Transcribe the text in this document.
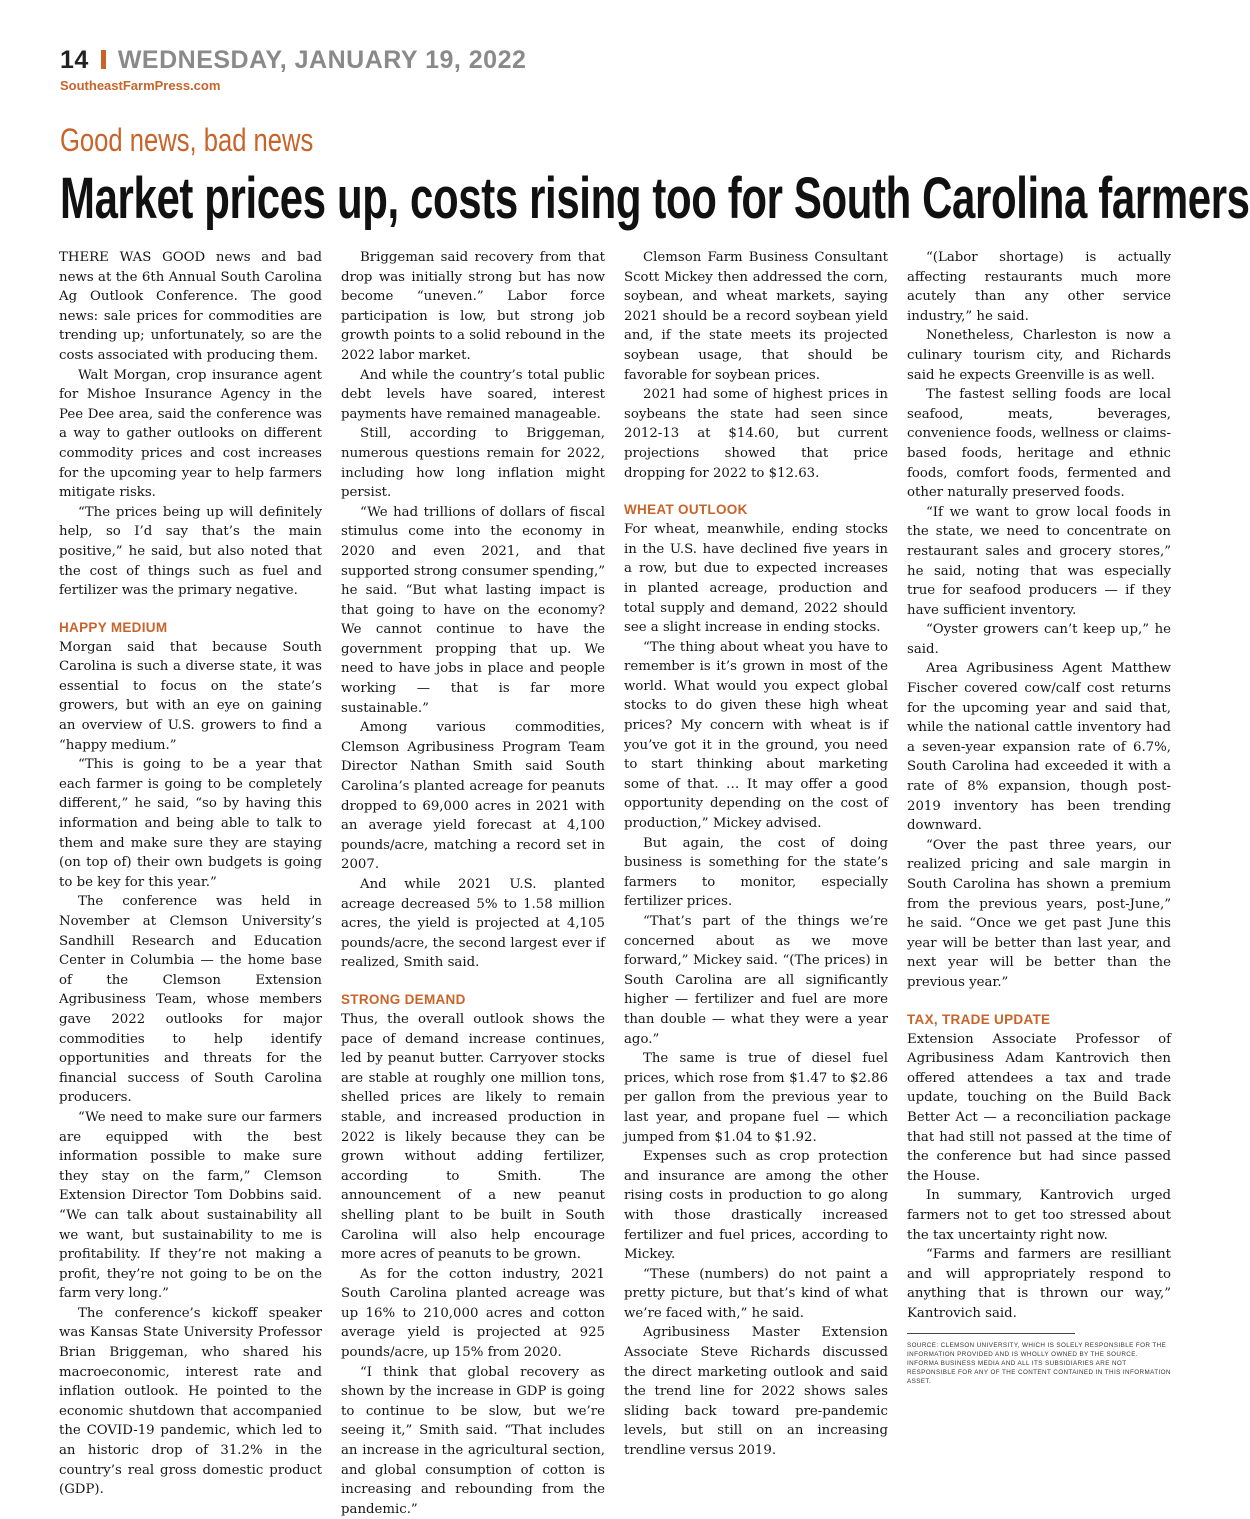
14 WEDNESDAY, JANUARY 19, 2022
SoutheastFarmPress.com
Good news, bad news
Market prices up, costs rising too for South Carolina farmers

THERE WAS GOOD news and bad news at the 6th Annual South Carolina Ag Outlook Conference. The good news: sale prices for commodities are trending up; unfortunately, so are the costs associated with producing them.

Walt Morgan, crop insurance agent for Mishoe Insurance Agency in the Pee Dee area, said the conference was a way to gather outlooks on different commodity prices and cost increases for the upcoming year to help farmers mitigate risks.

“The prices being up will definitely help, so I’d say that’s the main positive,” he said, but also noted that the cost of things such as fuel and fertilizer was the primary negative.

HAPPY MEDIUM

Morgan said that because South Carolina is such a diverse state, it was essential to focus on the state’s growers, but with an eye on gaining an overview of U.S. growers to find a “happy medium.”

“This is going to be a year that each farmer is going to be completely different,” he said, “so by having this information and being able to talk to them and make sure they are staying (on top of) their own budgets is going to be key for this year.”

The conference was held in November at Clemson University’s Sandhill Research and Education Center in Columbia — the home base of the Clemson Extension Agribusiness Team, whose members gave 2022 outlooks for major commodities to help identify opportunities and threats for the financial success of South Carolina producers.

“We need to make sure our farmers are equipped with the best information possible to make sure they stay on the farm,” Clemson Extension Director Tom Dobbins said. “We can talk about sustainability all we want, but sustainability to me is profitability. If they’re not making a profit, they’re not going to be on the farm very long.”

The conference’s kickoff speaker was Kansas State University Professor Brian Briggeman, who shared his macroeconomic, interest rate and inflation outlook. He pointed to the economic shutdown that accompanied the COVID-19 pandemic, which led to an historic drop of 31.2% in the country’s real gross domestic product (GDP).

Briggeman said recovery from that drop was initially strong but has now become “uneven.” Labor force participation is low, but strong job growth points to a solid rebound in the 2022 labor market.

And while the country’s total public debt levels have soared, interest payments have remained manageable.

Still, according to Briggeman, numerous questions remain for 2022, including how long inflation might persist.

“We had trillions of dollars of fiscal stimulus come into the economy in 2020 and even 2021, and that supported strong consumer spending,” he said. “But what lasting impact is that going to have on the economy? We cannot continue to have the government propping that up. We need to have jobs in place and people working — that is far more sustainable.”

Among various commodities, Clemson Agribusiness Program Team Director Nathan Smith said South Carolina’s planted acreage for peanuts dropped to 69,000 acres in 2021 with an average yield forecast at 4,100 pounds/acre, matching a record set in 2007.

And while 2021 U.S. planted acreage decreased 5% to 1.58 million acres, the yield is projected at 4,105 pounds/acre, the second largest ever if realized, Smith said.

STRONG DEMAND

Thus, the overall outlook shows the pace of demand increase continues, led by peanut butter. Carryover stocks are stable at roughly one million tons, shelled prices are likely to remain stable, and increased production in 2022 is likely because they can be grown without adding fertilizer, according to Smith. The announcement of a new peanut shelling plant to be built in South Carolina will also help encourage more acres of peanuts to be grown.

As for the cotton industry, 2021 South Carolina planted acreage was up 16% to 210,000 acres and cotton average yield is projected at 925 pounds/acre, up 15% from 2020.

“I think that global recovery as shown by the increase in GDP is going to continue to be slow, but we’re seeing it,” Smith said. “That includes an increase in the agricultural section, and global consumption of cotton is increasing and rebounding from the pandemic.”

Clemson Farm Business Consultant Scott Mickey then addressed the corn, soybean, and wheat markets, saying 2021 should be a record soybean yield and, if the state meets its projected soybean usage, that should be favorable for soybean prices.

2021 had some of highest prices in soybeans the state had seen since 2012-13 at $14.60, but current projections showed that price dropping for 2022 to $12.63.

WHEAT OUTLOOK

For wheat, meanwhile, ending stocks in the U.S. have declined five years in a row, but due to expected increases in planted acreage, production and total supply and demand, 2022 should see a slight increase in ending stocks.

“The thing about wheat you have to remember is it’s grown in most of the world. What would you expect global stocks to do given these high wheat prices? My concern with wheat is if you’ve got it in the ground, you need to start thinking about marketing some of that. … It may offer a good opportunity depending on the cost of production,” Mickey advised.

But again, the cost of doing business is something for the state’s farmers to monitor, especially fertilizer prices.

“That’s part of the things we’re concerned about as we move forward,” Mickey said. “(The prices) in South Carolina are all significantly higher — fertilizer and fuel are more than double — what they were a year ago.”

The same is true of diesel fuel prices, which rose from $1.47 to $2.86 per gallon from the previous year to last year, and propane fuel — which jumped from $1.04 to $1.92.

Expenses such as crop protection and insurance are among the other rising costs in production to go along with those drastically increased fertilizer and fuel prices, according to Mickey.

“These (numbers) do not paint a pretty picture, but that’s kind of what we’re faced with,” he said.

Agribusiness Master Extension Associate Steve Richards discussed the direct marketing outlook and said the trend line for 2022 shows sales sliding back toward pre-pandemic levels, but still on an increasing trendline versus 2019.

“(Labor shortage) is actually affecting restaurants much more acutely than any other service industry,” he said.

Nonetheless, Charleston is now a culinary tourism city, and Richards said he expects Greenville is as well.

The fastest selling foods are local seafood, meats, beverages, convenience foods, wellness or claims-based foods, heritage and ethnic foods, comfort foods, fermented and other naturally preserved foods.

“If we want to grow local foods in the state, we need to concentrate on restaurant sales and grocery stores,” he said, noting that was especially true for seafood producers — if they have sufficient inventory.

“Oyster growers can’t keep up,” he said.

Area Agribusiness Agent Matthew Fischer covered cow/calf cost returns for the upcoming year and said that, while the national cattle inventory had a seven-year expansion rate of 6.7%, South Carolina had exceeded it with a rate of 8% expansion, though post-2019 inventory has been trending downward.

“Over the past three years, our realized pricing and sale margin in South Carolina has shown a premium from the previous years, post-June,” he said. “Once we get past June this year will be better than last year, and next year will be better than the previous year.”

TAX, TRADE UPDATE

Extension Associate Professor of Agribusiness Adam Kantrovich then offered attendees a tax and trade update, touching on the Build Back Better Act — a reconciliation package that had still not passed at the time of the conference but had since passed the House.

In summary, Kantrovich urged farmers not to get too stressed about the tax uncertainty right now.

“Farms and farmers are resilliant and will appropriately respond to anything that is thrown our way,” Kantrovich said.

SOURCE: CLEMSON UNIVERSITY, WHICH IS SOLELY RESPONSIBLE FOR THE INFORMATION PROVIDED AND IS WHOLLY OWNED BY THE SOURCE. INFORMA BUSINESS MEDIA AND ALL ITS SUBSIDIARIES ARE NOT RESPONSIBLE FOR ANY OF THE CONTENT CONTAINED IN THIS INFORMATION ASSET.
